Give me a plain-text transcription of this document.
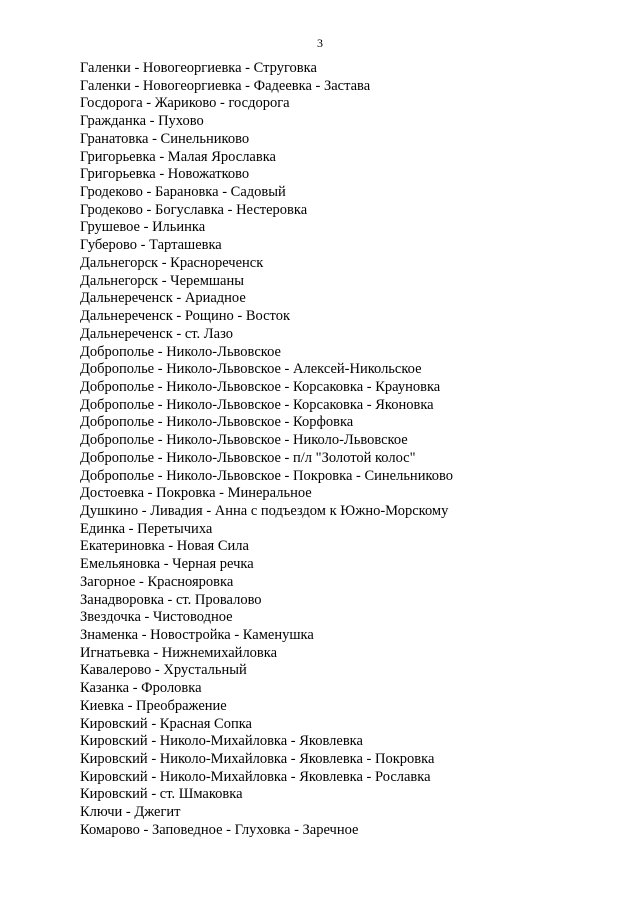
3
Галенки - Новогеоргиевка - Струговка
Галенки - Новогеоргиевка - Фадеевка - Застава
Госдорога - Жариково - госдорога
Гражданка - Пухово
Гранатовка - Синельниково
Григорьевка - Малая Ярославка
Григорьевка - Новожатково
Гродеково - Барановка - Садовый
Гродеково - Богуславка - Нестеровка
Грушевое - Ильинка
Губерово - Тарташевка
Дальнегорск - Краснореченск
Дальнегорск - Черемшаны
Дальнереченск - Ариадное
Дальнереченск - Рощино - Восток
Дальнереченск - ст. Лазо
Доброполье - Николо-Львовское
Доброполье - Николо-Львовское - Алексей-Никольское
Доброполье - Николо-Львовское - Корсаковка - Крауновка
Доброполье - Николо-Львовское - Корсаковка - Яконовка
Доброполье - Николо-Львовское - Корфовка
Доброполье - Николо-Львовское - Николо-Львовское
Доброполье - Николо-Львовское - п/л "Золотой колос"
Доброполье - Николо-Львовское - Покровка - Синельниково
Достоевка - Покровка - Минеральное
Душкино - Ливадия - Анна с подъездом к Южно-Морскому
Единка - Перетычиха
Екатериновка - Новая Сила
Емельяновка - Черная речка
Загорное - Краснояровка
Занадворовка - ст. Провалово
Звездочка - Чистоводное
Знаменка - Новостройка - Каменушка
Игнатьевка - Нижнемихайловка
Кавалерово - Хрустальный
Казанка - Фроловка
Киевка - Преображение
Кировский - Красная Сопка
Кировский - Николо-Михайловка - Яковлевка
Кировский - Николо-Михайловка - Яковлевка - Покровка
Кировский - Николо-Михайловка - Яковлевка - Рославка
Кировский - ст. Шмаковка
Ключи - Джегит
Комарово - Заповедное - Глуховка - Заречное
